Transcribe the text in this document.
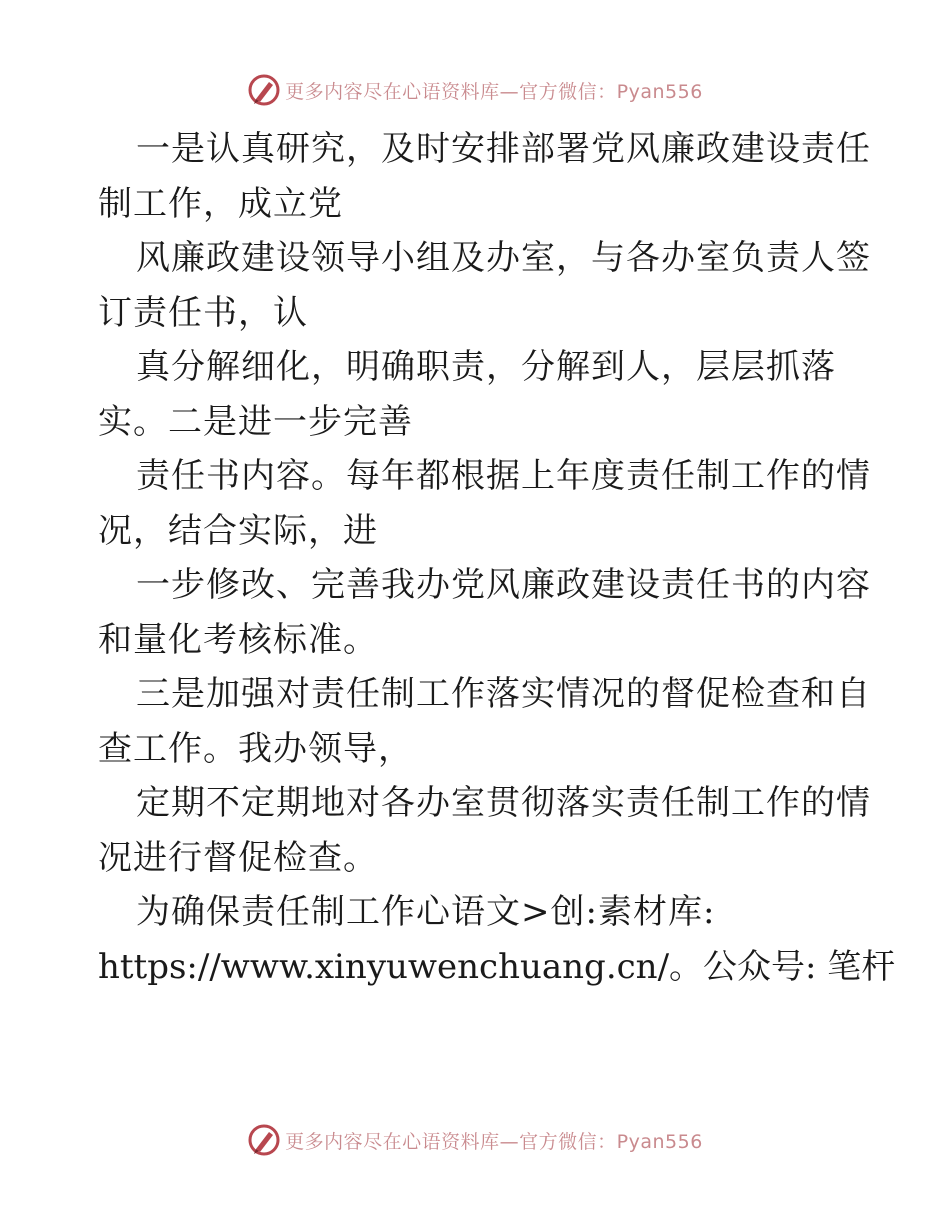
更多内容尽在心语资料库—官方微信：Pyan556
一是认真研究，及时安排部署党风廉政建设责任
制工作，成立党
风廉政建设领导小组及办室，与各办室负责人签
订责任书，认
真分解细化，明确职责，分解到人，层层抓落
实。二是进一步完善
责任书内容。每年都根据上年度责任制工作的情
况，结合实际，进
一步修改、完善我办党风廉政建设责任书的内容
和量化考核标准。
三是加强对责任制工作落实情况的督促检查和自
查工作。我办领导，
定期不定期地对各办室贯彻落实责任制工作的情
况进行督促检查。
为确保责任制工作心语文>创:素材库:
https://www.xinyuwenchuang.cn/。公众号: 笔杆
更多内容尽在心语资料库—官方微信：Pyan556
